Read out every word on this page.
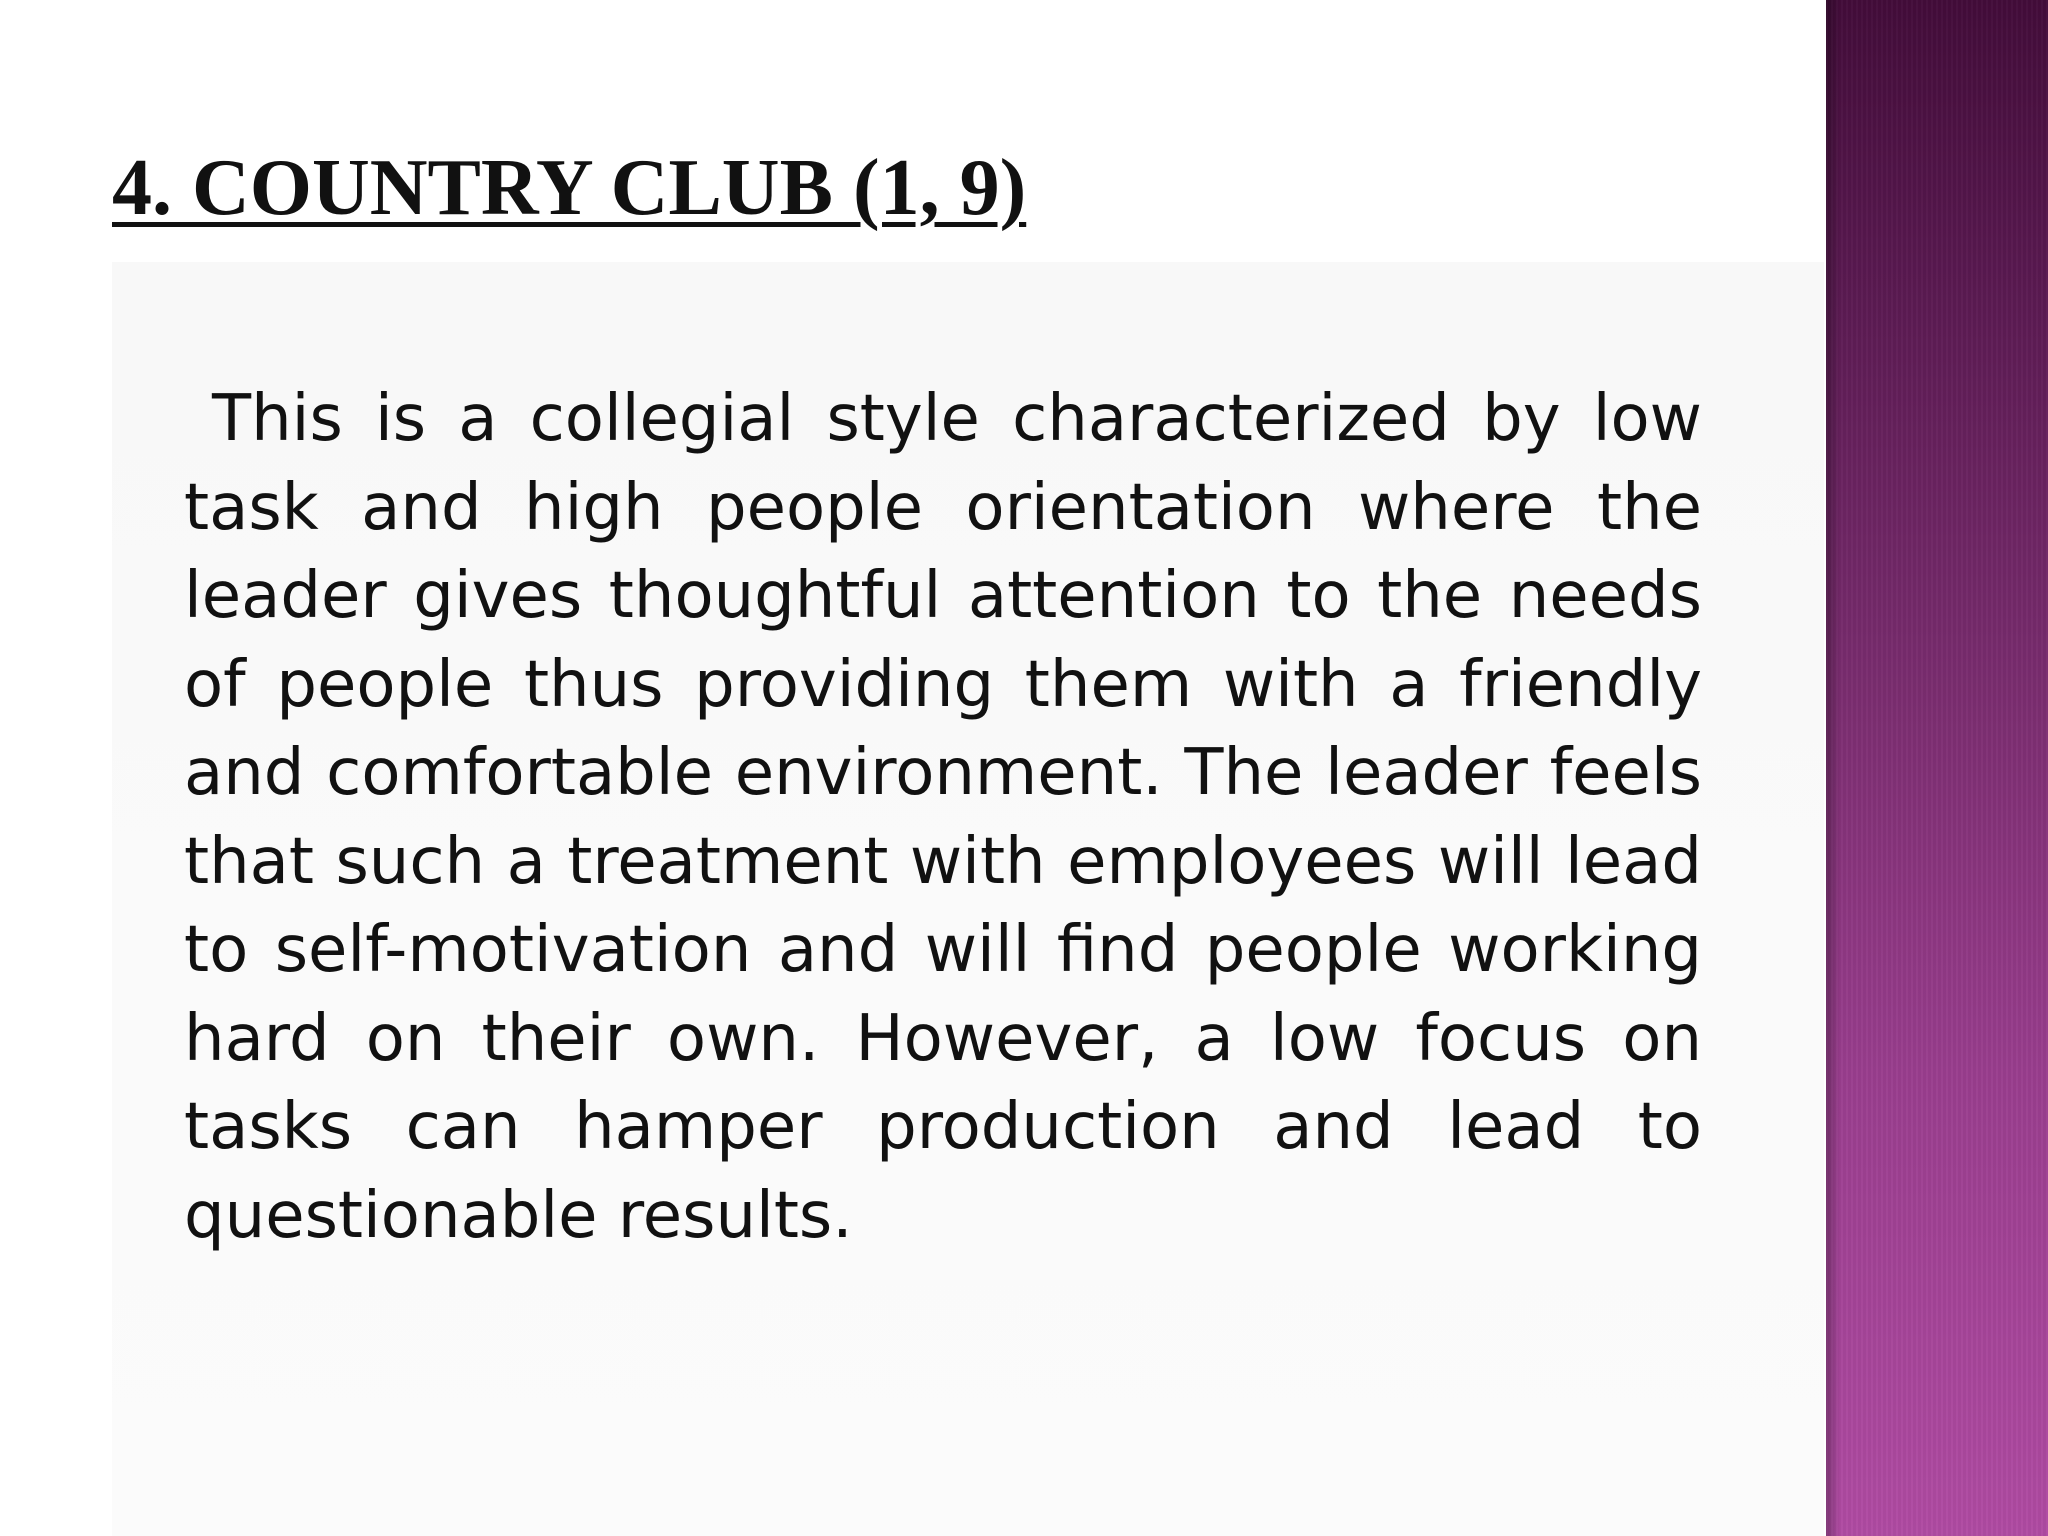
4. COUNTRY CLUB (1, 9)

This is a collegial style characterized by low task and high people orientation where the leader gives thoughtful attention to the needs of people thus providing them with a friendly and comfortable environment. The leader feels that such a treatment with employees will lead to self-motivation and will find people working hard on their own. However, a low focus on tasks can hamper production and lead to questionable results.
